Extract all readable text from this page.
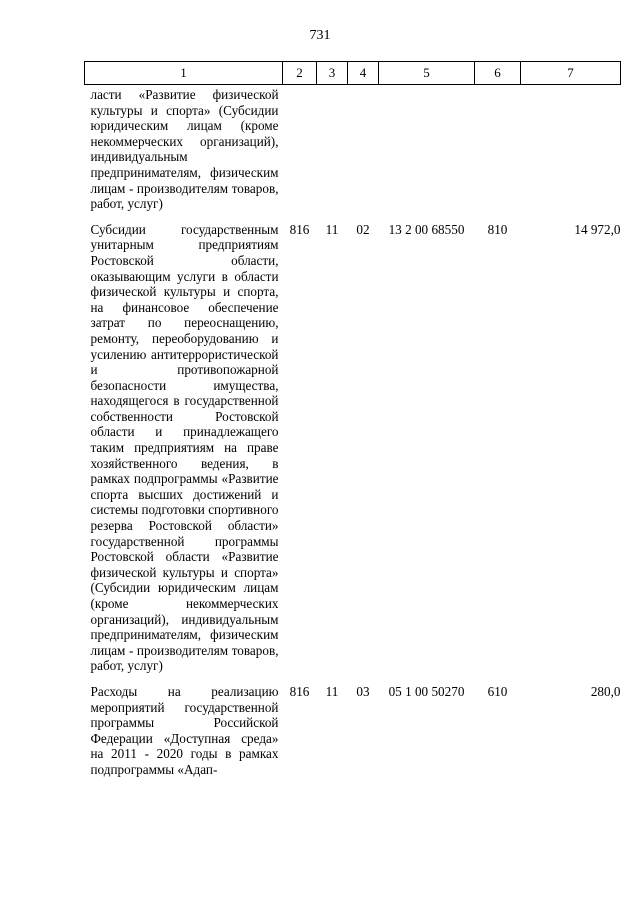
731
1	2	3	4	5	6	7
ласти «Развитие физической культуры и спорта» (Субсидии юридическим лицам (кроме некоммерческих организаций), индивидуальным предпринимателям, физическим лицам - производителям товаров, работ, услуг)						
Субсидии государственным унитарным предприятиям Ростовской области, оказывающим услуги в области физической культуры и спорта, на финансовое обеспечение затрат по переоснащению, ремонту, переоборудованию и усилению антитеррористической и противопожарной безопасности имущества, находящегося в государственной собственности Ростовской области и принадлежащего таким предприятиям на праве хозяйственного ведения, в рамках подпрограммы «Развитие спорта высших достижений и системы подготовки спортивного резерва Ростовской области» государственной программы Ростовской области «Развитие физической культуры и спорта» (Субсидии юридическим лицам (кроме некоммерческих организаций), индивидуальным предпринимателям, физическим лицам - производителям товаров, работ, услуг)	816	11	02	13 2 00 68550	810	14 972,0
Расходы на реализацию мероприятий государственной программы Российской Федерации «Доступная среда» на 2011 - 2020 годы в рамках подпрограммы «Адап-	816	11	03	05 1 00 50270	610	280,0
